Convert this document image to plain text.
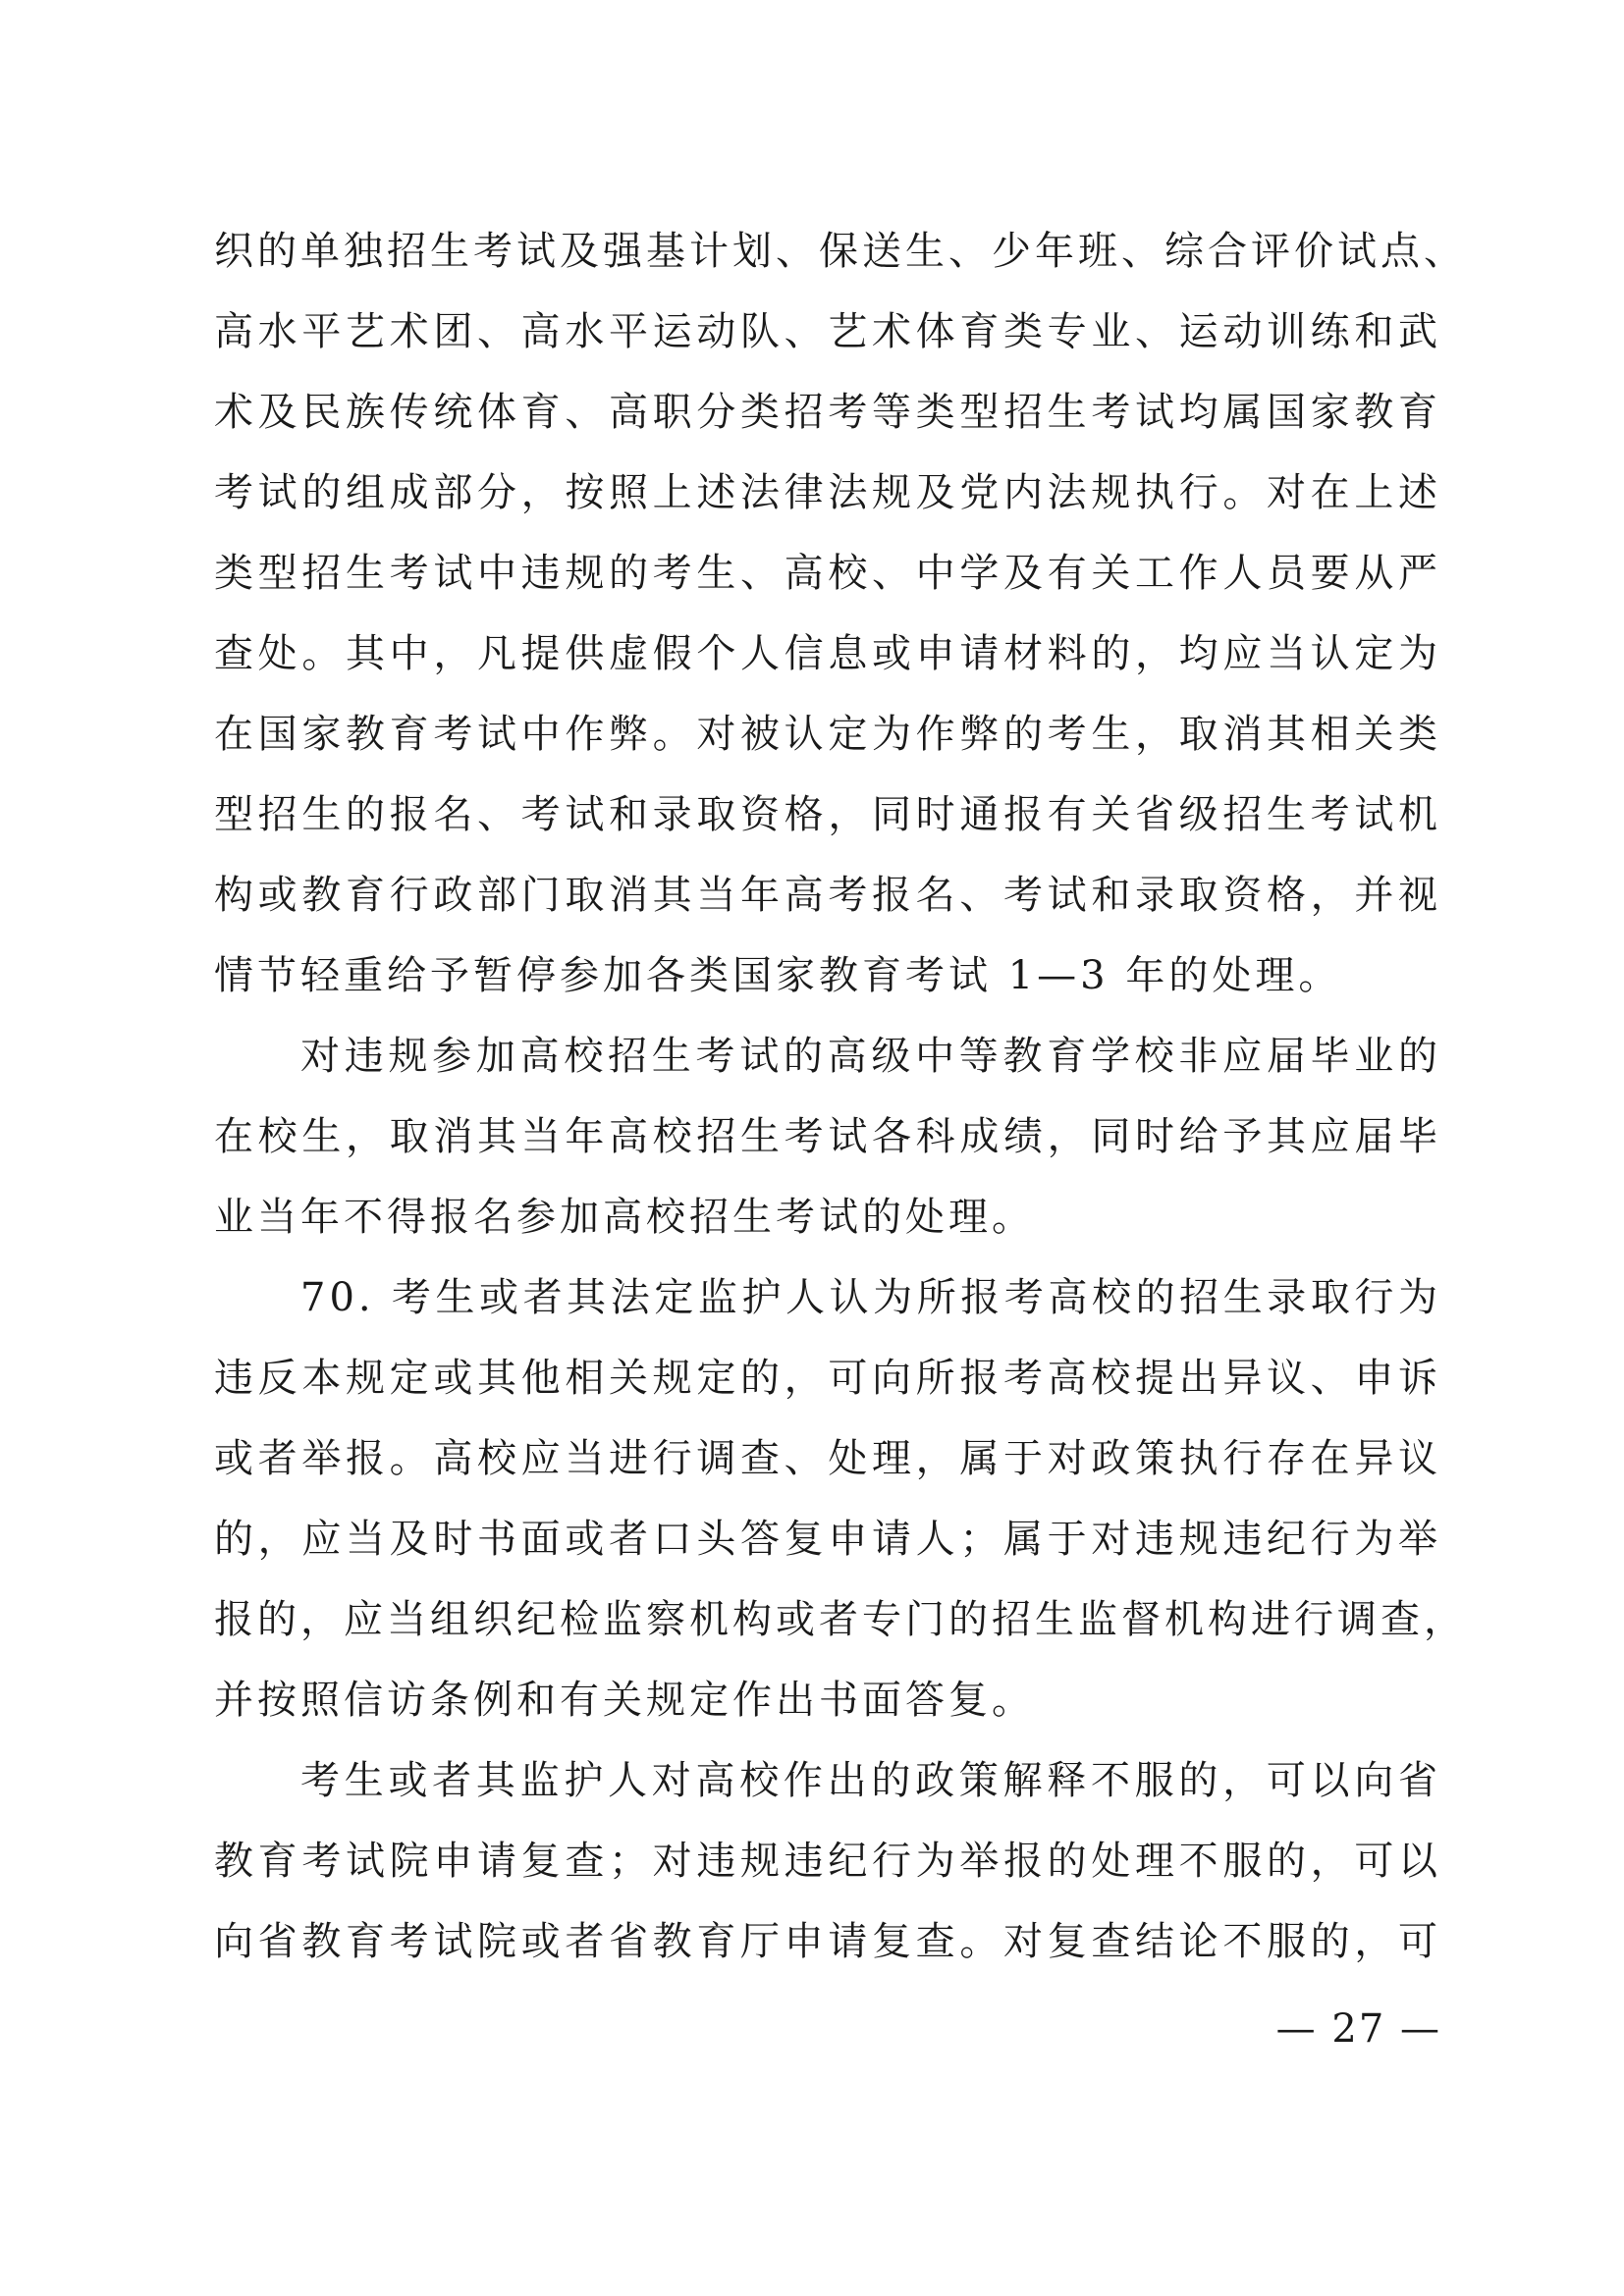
织的单独招生考试及强基计划、保送生、少年班、综合评价试点、
高水平艺术团、高水平运动队、艺术体育类专业、运动训练和武
术及民族传统体育、高职分类招考等类型招生考试均属国家教育
考试的组成部分，按照上述法律法规及党内法规执行。对在上述
类型招生考试中违规的考生、高校、中学及有关工作人员要从严
查处。其中，凡提供虚假个人信息或申请材料的，均应当认定为
在国家教育考试中作弊。对被认定为作弊的考生，取消其相关类
型招生的报名、考试和录取资格，同时通报有关省级招生考试机
构或教育行政部门取消其当年高考报名、考试和录取资格，并视
情节轻重给予暂停参加各类国家教育考试 1—3 年的处理。
对违规参加高校招生考试的高级中等教育学校非应届毕业的
在校生，取消其当年高校招生考试各科成绩，同时给予其应届毕
业当年不得报名参加高校招生考试的处理。
70. 考生或者其法定监护人认为所报考高校的招生录取行为
违反本规定或其他相关规定的，可向所报考高校提出异议、申诉
或者举报。高校应当进行调查、处理，属于对政策执行存在异议
的，应当及时书面或者口头答复申请人；属于对违规违纪行为举
报的，应当组织纪检监察机构或者专门的招生监督机构进行调查，
并按照信访条例和有关规定作出书面答复。
考生或者其监护人对高校作出的政策解释不服的，可以向省
教育考试院申请复查；对违规违纪行为举报的处理不服的，可以
向省教育考试院或者省教育厅申请复查。对复查结论不服的，可
— 27 —
